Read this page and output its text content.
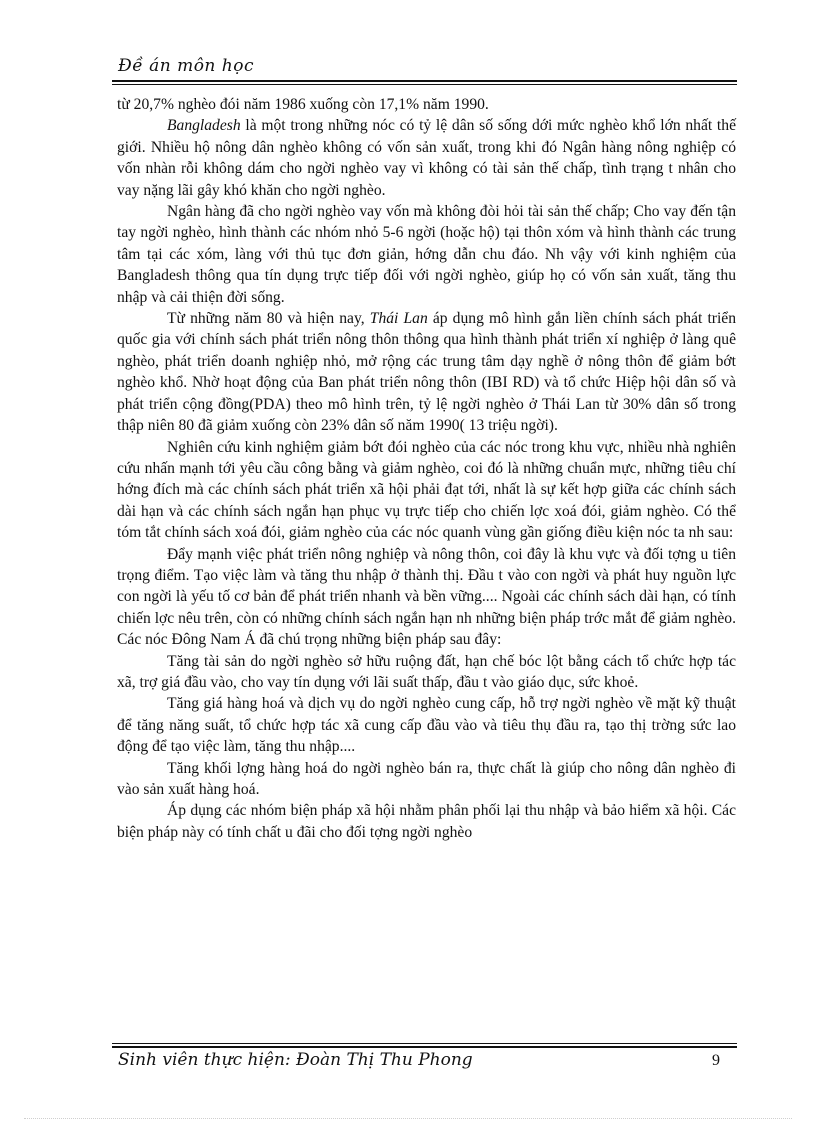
Đề án môn học

từ 20,7% nghèo đói năm 1986 xuống còn 17,1% năm 1990.

Bangladesh là một trong những nóc có tỷ lệ dân số sống dới mức nghèo khổ lớn nhất thế giới. Nhiều hộ nông dân nghèo không có vốn sản xuất, trong khi đó Ngân hàng nông nghiệp có vốn nhàn rỗi không dám cho ngời nghèo vay vì không có tài sản thế chấp, tình trạng t nhân cho vay nặng lãi gây khó khăn cho ngời nghèo.

Ngân hàng đã cho ngời nghèo vay vốn mà không đòi hỏi tài sản thế chấp; Cho vay đến tận tay ngời nghèo, hình thành các nhóm nhỏ 5-6 ngời (hoặc hộ) tại thôn xóm và hình thành các trung tâm tại các xóm, làng với thủ tục đơn giản, hớng dẫn chu đáo. Nh vậy với kinh nghiệm của Bangladesh thông qua tín dụng trực tiếp đối với ngời nghèo, giúp họ có vốn sản xuất, tăng thu nhập và cải thiện đời sống.

Từ những năm 80 và hiện nay, Thái Lan áp dụng mô hình gắn liền chính sách phát triển quốc gia với chính sách phát triển nông thôn thông qua hình thành phát triển xí nghiệp ở làng quê nghèo, phát triển doanh nghiệp nhỏ, mở rộng các trung tâm dạy nghề ở nông thôn để giảm bớt nghèo khổ. Nhờ hoạt động của Ban phát triển nông thôn (IBI RD) và tổ chức Hiệp hội dân số và phát triển cộng đồng(PDA) theo mô hình trên, tỷ lệ ngời nghèo ở Thái Lan từ 30% dân số trong thập niên 80 đã giảm xuống còn 23% dân số năm 1990( 13 triệu ngời).

Nghiên cứu kinh nghiệm giảm bớt đói nghèo của các nóc trong khu vực, nhiều nhà nghiên cứu nhấn mạnh tới yêu cầu công bằng và giảm nghèo, coi đó là những chuẩn mực, những tiêu chí hớng đích mà các chính sách phát triển xã hội phải đạt tới, nhất là sự kết hợp giữa các chính sách dài hạn và các chính sách ngắn hạn phục vụ trực tiếp cho chiến lợc xoá đói, giảm nghèo. Có thể tóm tắt chính sách xoá đói, giảm nghèo của các nóc quanh vùng gần giống điều kiện nóc ta nh sau:

Đẩy mạnh việc phát triển nông nghiệp và nông thôn, coi đây là khu vực và đối tợng u tiên trọng điểm. Tạo việc làm và tăng thu nhập ở thành thị. Đầu t vào con ngời và phát huy nguồn lực con ngời là yếu tố cơ bản để phát triển nhanh và bền vững.... Ngoài các chính sách dài hạn, có tính chiến lợc nêu trên, còn có những chính sách ngắn hạn nh những biện pháp trớc mắt để giảm nghèo. Các nóc Đông Nam Á đã chú trọng những biện pháp sau đây:

Tăng tài sản do ngời nghèo sở hữu ruộng đất, hạn chế bóc lột bằng cách tổ chức hợp tác xã, trợ giá đầu vào, cho vay tín dụng với lãi suất thấp, đầu t vào giáo dục, sức khoẻ.

Tăng giá hàng hoá và dịch vụ do ngời nghèo cung cấp, hỗ trợ ngời nghèo về mặt kỹ thuật để tăng năng suất, tổ chức hợp tác xã cung cấp đầu vào và tiêu thụ đầu ra, tạo thị trờng sức lao động để tạo việc làm, tăng thu nhập....

Tăng khối lợng hàng hoá do ngời nghèo bán ra, thực chất là giúp cho nông dân nghèo đi vào sản xuất hàng hoá.

Áp dụng các nhóm biện pháp xã hội nhằm phân phối lại thu nhập và bảo hiểm xã hội. Các biện pháp này có tính chất u đãi cho đối tợng ngời nghèo

Sinh viên thực hiện: Đoàn Thị Thu Phong	9
